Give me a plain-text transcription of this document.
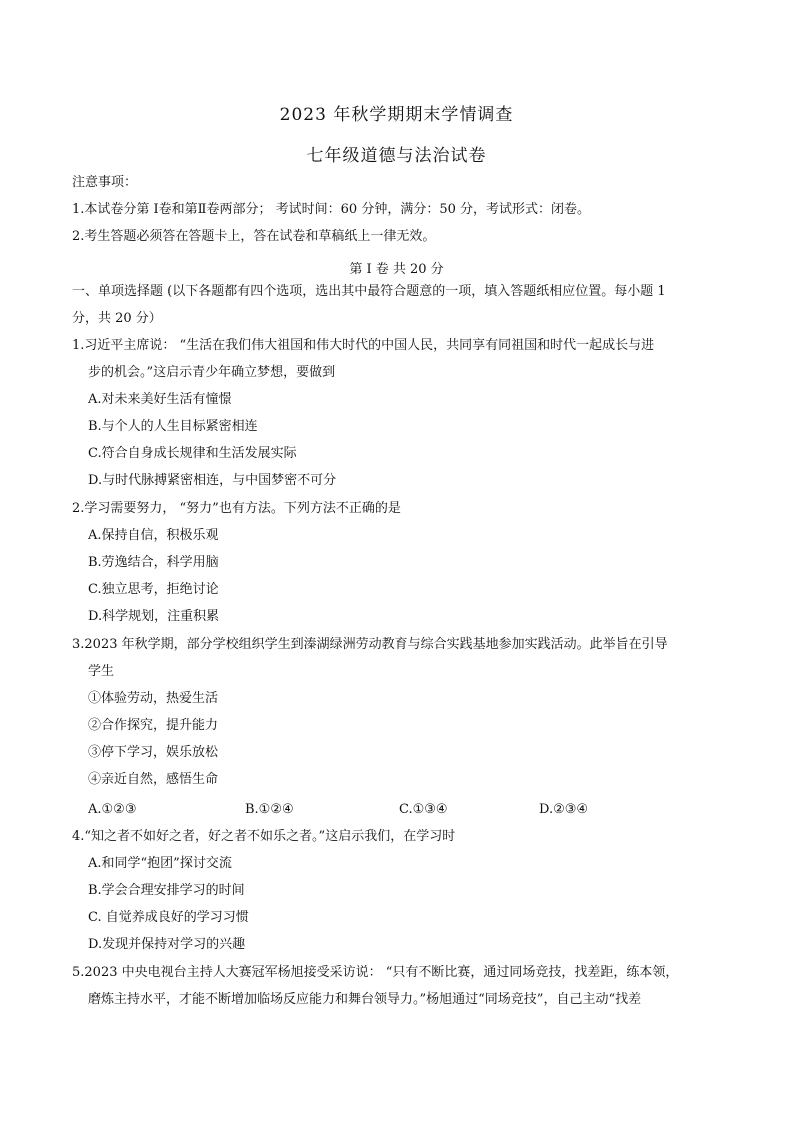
2023 年秋学期期末学情调查
七年级道德与法治试卷
注意事项：
1.本试卷分第 Ⅰ卷和第Ⅱ卷两部分； 考试时间：60 分钟，满分：50 分，考试形式：闭卷。
2.考生答题必须答在答题卡上，答在试卷和草稿纸上一律无效。
第 Ⅰ 卷 共 20 分
一、单项选择题 (以下各题都有四个选项，选出其中最符合题意的一项，填入答题纸相应位置。每小题 1
分，共 20 分）
1.习近平主席说： “生活在我们伟大祖国和伟大时代的中国人民，共同享有同祖国和时代一起成长与进
步的机会。”这启示青少年确立梦想，要做到
A.对未来美好生活有憧憬
B.与个人的人生目标紧密相连
C.符合自身成长规律和生活发展实际
D.与时代脉搏紧密相连，与中国梦密不可分
2.学习需要努力， “努力”也有方法。下列方法不正确的是
A.保持自信，积极乐观
B.劳逸结合，科学用脑
C.独立思考，拒绝讨论
D.科学规划，注重积累
3.2023 年秋学期，部分学校组织学生到溱湖绿洲劳动教育与综合实践基地参加实践活动。此举旨在引导
学生
①体验劳动，热爱生活
②合作探究，提升能力
③停下学习，娱乐放松
④亲近自然，感悟生命
A.①②③	B.①②④	C.①③④	D.②③④
4.“知之者不如好之者，好之者不如乐之者。”这启示我们，在学习时
A.和同学“抱团”探讨交流
B.学会合理安排学习的时间
C. 自觉养成良好的学习习惯
D.发现并保持对学习的兴趣
5.2023 中央电视台主持人大赛冠军杨旭接受采访说： “只有不断比赛，通过同场竞技，找差距，练本领，
磨炼主持水平，才能不断增加临场反应能力和舞台领导力。”杨旭通过“同场竞技”，自己主动“找差
